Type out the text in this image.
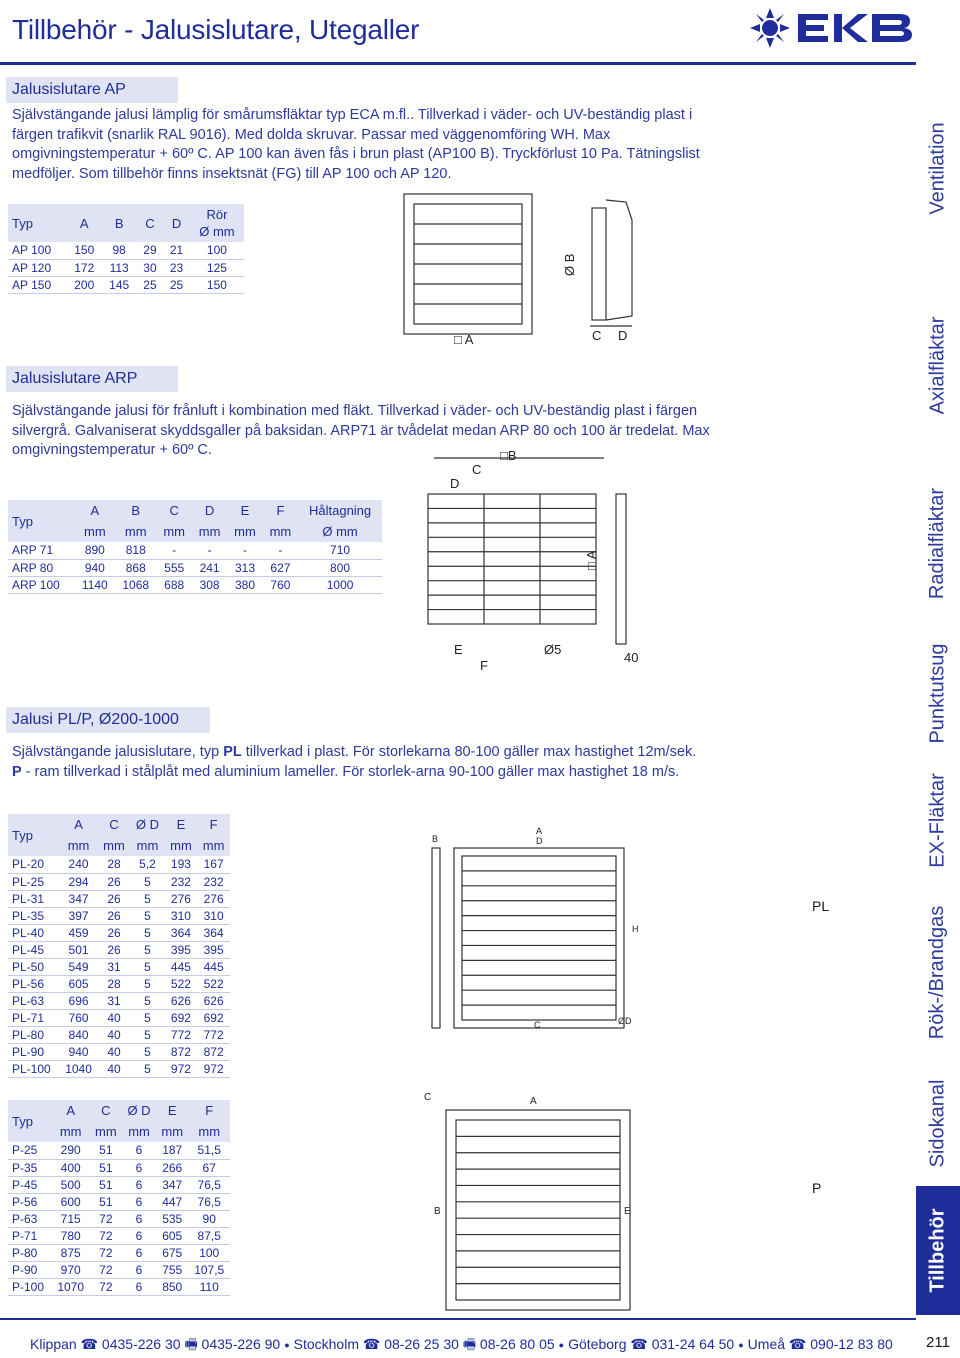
Tillbehör - Jalusislutare, Utegaller
Jalusislutare AP
Självstängande jalusi lämplig för smårumsfläktar typ ECA m.fl.. Tillverkad i väder- och UV-beständig plast i färgen trafikvit (snarlik RAL 9016). Med dolda skruvar. Passar med väggenomföring WH. Max omgivningstemperatur + 60º C. AP 100 kan även fås i brun plast (AP100 B). Tryckförlust 10 Pa. Tätningslist medföljer. Som tillbehör finns insektsnät (FG) till AP 100 och AP 120.
Typ	A	B	C	D	Rör
Ø mm
AP 100	150	98	29	21	100
AP 120	172	113	30	23	125
AP 150	200	145	25	25	150
□ A
Ø B
C D
Jalusislutare ARP
Självstängande jalusi för frånluft i kombination med fläkt. Tillverkad i väder- och UV-beständig plast i färgen silvergrå. Galvaniserat skyddsgaller på baksidan. ARP71 är tvådelat medan ARP 80 och 100 är tredelat. Max omgivningstemperatur + 60º C.
Typ	A	B	C	D	E	F	Håltagning
	mm	mm	mm	mm	mm	mm	Ø mm
ARP 71	890	818	-	-	-	-	710
ARP 80	940	868	555	241	313	627	800
ARP 100	1140	1068	688	308	380	760	1000
□B
C
D
□ A
E
F
Ø5
40
Jalusi PL/P, Ø200-1000
Självstängande jalusislutare, typ PL tillverkad i plast. För storlekarna 80-100 gäller max hastighet 12m/sek. P - ram tillverkad i stålplåt med aluminium lameller. För storlek-arna 90-100 gäller max hastighet 18 m/s.
Typ	A	C	Ø D	E	F
	mm	mm	mm	mm	mm
PL-20	240	28	5,2	193	167
PL-25	294	26	5	232	232
PL-31	347	26	5	276	276
PL-35	397	26	5	310	310
PL-40	459	26	5	364	364
PL-45	501	26	5	395	395
PL-50	549	31	5	445	445
PL-56	605	28	5	522	522
PL-63	696	31	5	626	626
PL-71	760	40	5	692	692
PL-80	840	40	5	772	772
PL-90	940	40	5	872	872
PL-100	1040	40	5	972	972
B
A
D
H
C	ØD
PL
Typ	A	C	Ø D	E	F
	mm	mm	mm	mm	mm
P-25	290	51	6	187	51,5
P-35	400	51	6	266	67
P-45	500	51	6	347	76,5
P-56	600	51	6	447	76,5
P-63	715	72	6	535	90
P-71	780	72	6	605	87,5
P-80	875	72	6	675	100
P-90	970	72	6	755	107,5
P-100	1070	72	6	850	110
C	A
B	E
P
Ventilation
Axialfläktar
Radialfläktar
Punktutsug
EX-Fläktar
Rök-/Brandgas
Sidokanal
Tillbehör
Klippan ☎ 0435-226 30 🖷 0435-226 90 ● Stockholm ☎ 08-26 25 30 🖷 08-26 80 05 ● Göteborg ☎ 031-24 64 50 ● Umeå ☎ 090-12 83 80	211
